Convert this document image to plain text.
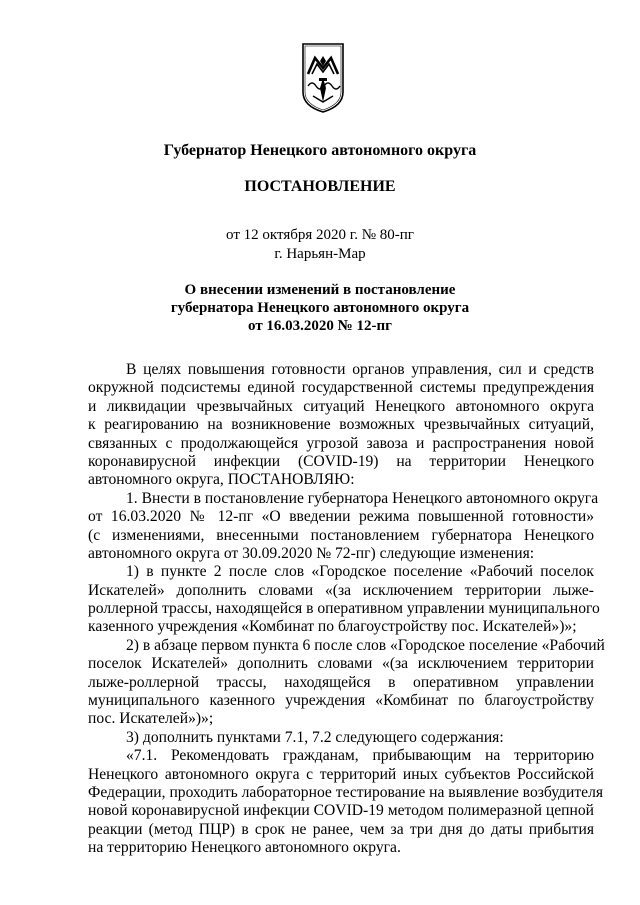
Губернатор Ненецкого автономного округа
ПОСТАНОВЛЕНИЕ
от 12 октября 2020 г. № 80-пг
г. Нарьян-Мар
О внесении изменений в постановление
губернатора Ненецкого автономного округа
от 16.03.2020 № 12-пг
В целях повышения готовности органов управления, сил и средств
окружной подсистемы единой государственной системы предупреждения
и ликвидации чрезвычайных ситуаций Ненецкого автономного округа
к реагированию на возникновение возможных чрезвычайных ситуаций,
связанных с продолжающейся угрозой завоза и распространения новой
коронавирусной инфекции (COVID-19) на территории Ненецкого
автономного округа, ПОСТАНОВЛЯЮ:
1. Внести в постановление губернатора Ненецкого автономного округа
от 16.03.2020 № 12-пг «О введении режима повышенной готовности»
(с изменениями, внесенными постановлением губернатора Ненецкого
автономного округа от 30.09.2020 № 72-пг) следующие изменения:
1) в пункте 2 после слов «Городское поселение «Рабочий поселок
Искателей» дополнить словами «(за исключением территории лыже-
роллерной трассы, находящейся в оперативном управлении муниципального
казенного учреждения «Комбинат по благоустройству пос. Искателей»)»;
2) в абзаце первом пункта 6 после слов «Городское поселение «Рабочий
поселок Искателей» дополнить словами «(за исключением территории
лыже-роллерной трассы, находящейся в оперативном управлении
муниципального казенного учреждения «Комбинат по благоустройству
пос. Искателей»)»;
3) дополнить пунктами 7.1, 7.2 следующего содержания:
«7.1. Рекомендовать гражданам, прибывающим на территорию
Ненецкого автономного округа с территорий иных субъектов Российской
Федерации, проходить лабораторное тестирование на выявление возбудителя
новой коронавирусной инфекции COVID-19 методом полимеразной цепной
реакции (метод ПЦР) в срок не ранее, чем за три дня до даты прибытия
на территорию Ненецкого автономного округа.
